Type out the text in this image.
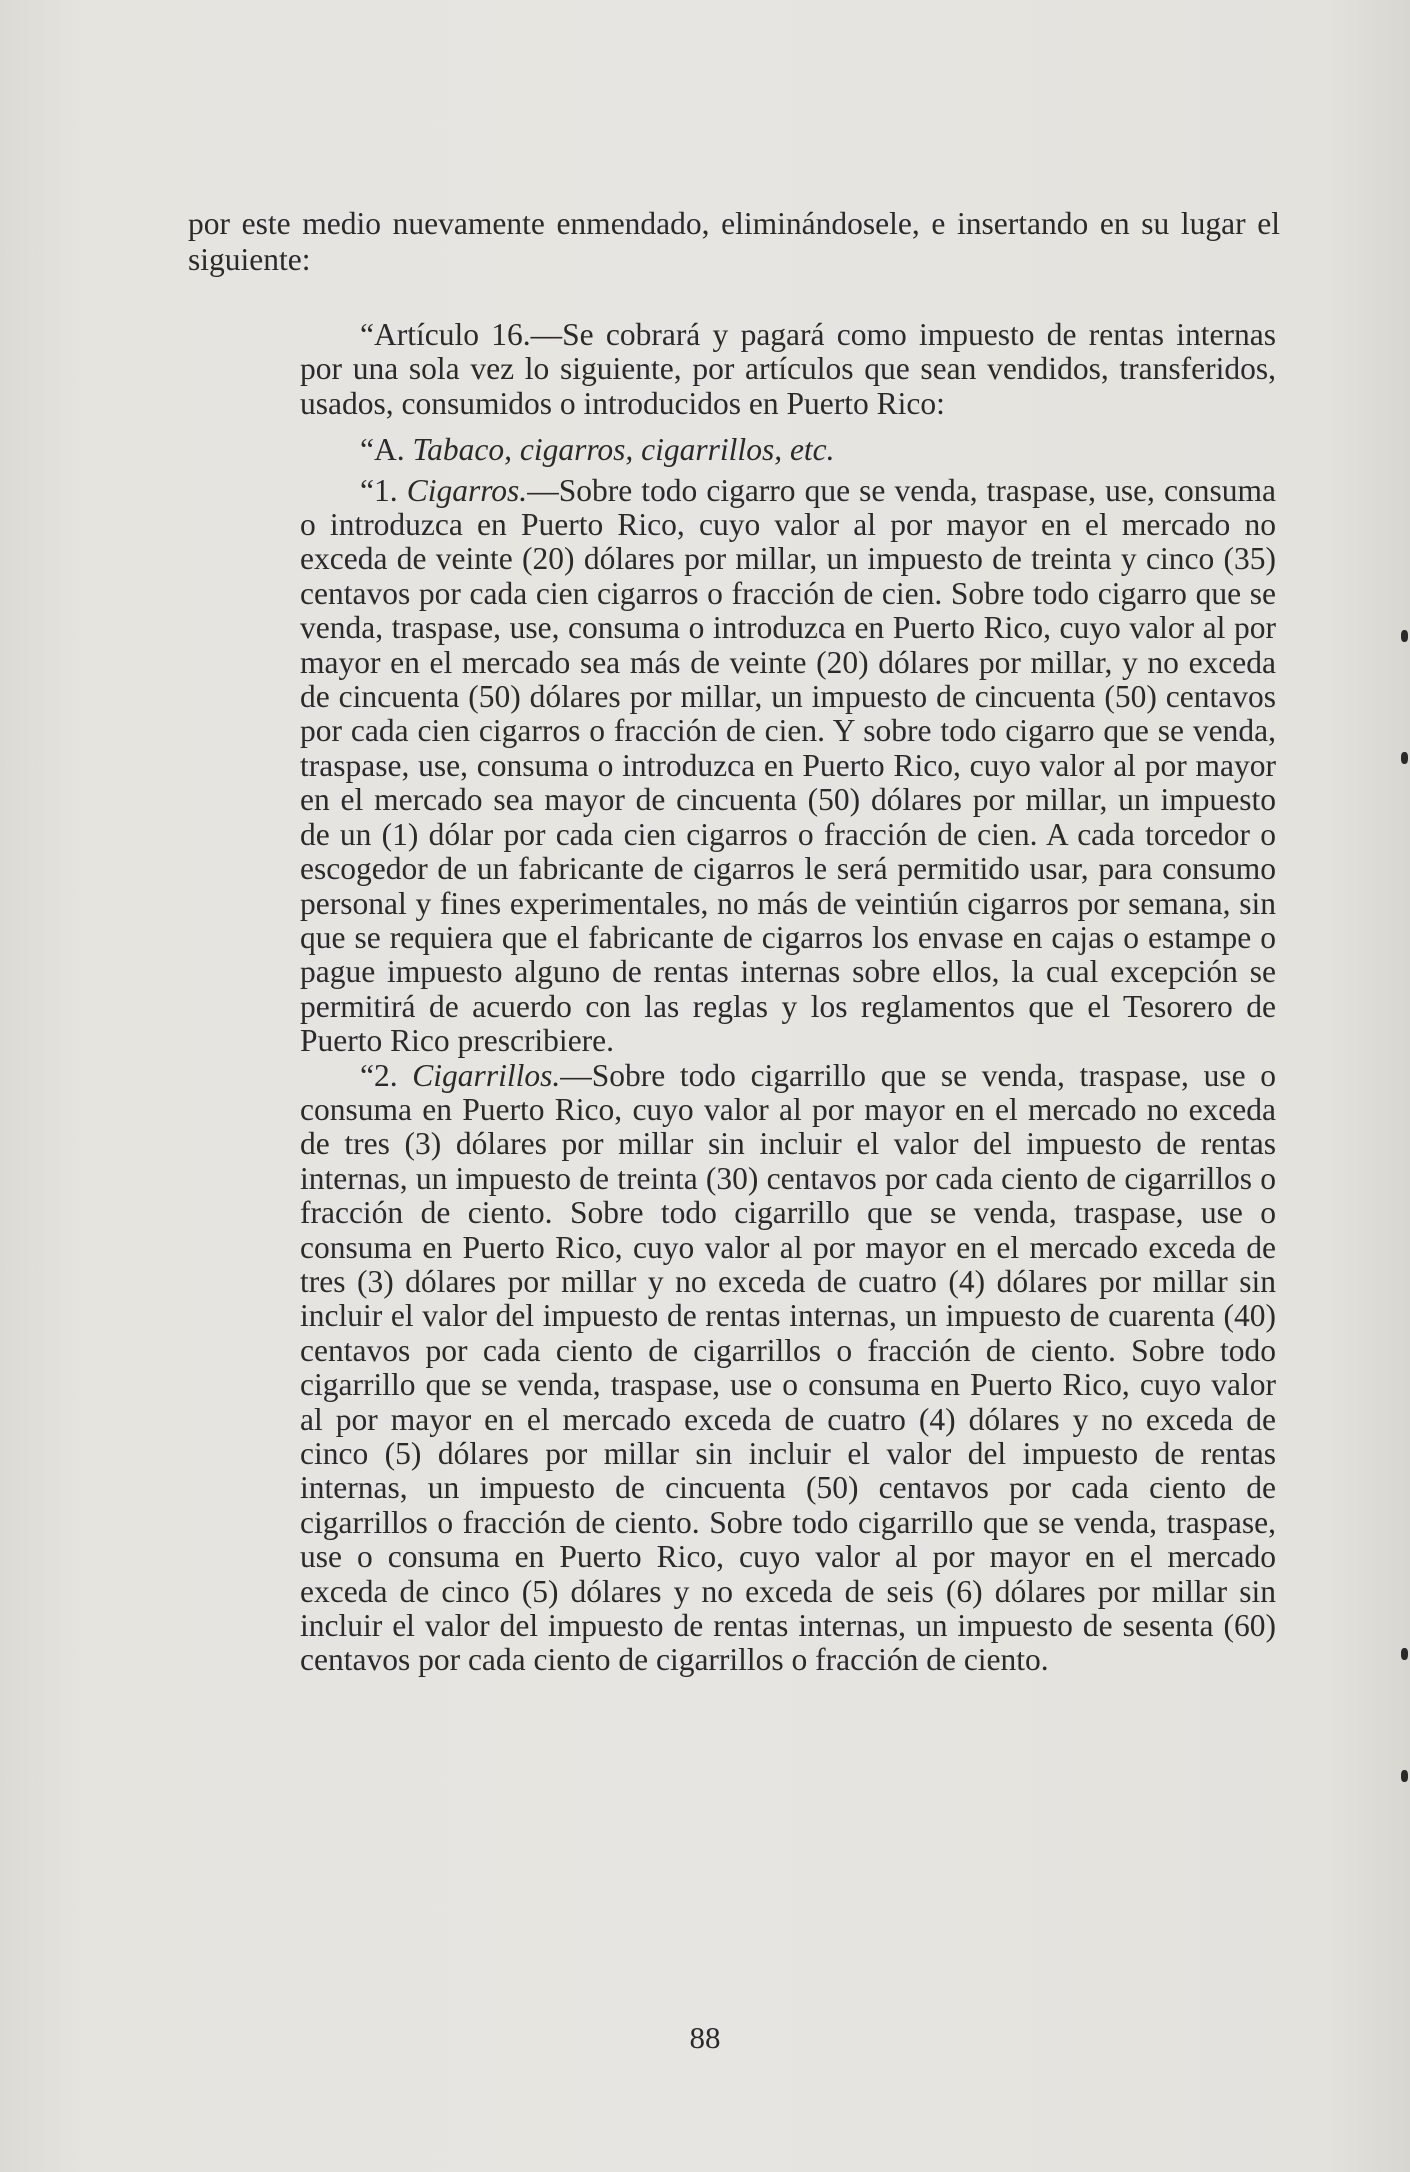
por este medio nuevamente enmendado, eliminándosele, e insertando en su lugar el siguiente:

“Artículo 16.—Se cobrará y pagará como impuesto de rentas internas por una sola vez lo siguiente, por artículos que sean vendidos, transferidos, usados, consumidos o introducidos en Puerto Rico:

“A. Tabaco, cigarros, cigarrillos, etc.

“1. Cigarros.—Sobre todo cigarro que se venda, traspase, use, consuma o introduzca en Puerto Rico, cuyo valor al por mayor en el mercado no exceda de veinte (20) dólares por millar, un impuesto de treinta y cinco (35) centavos por cada cien cigarros o fracción de cien. Sobre todo cigarro que se venda, traspase, use, consuma o introduzca en Puerto Rico, cuyo valor al por mayor en el mercado sea más de veinte (20) dólares por millar, y no exceda de cincuenta (50) dólares por millar, un impuesto de cincuenta (50) centavos por cada cien cigarros o fracción de cien. Y sobre todo cigarro que se venda, traspase, use, consuma o introduzca en Puerto Rico, cuyo valor al por mayor en el mercado sea mayor de cincuenta (50) dólares por millar, un impuesto de un (1) dólar por cada cien cigarros o fracción de cien. A cada torcedor o escogedor de un fabricante de cigarros le será permitido usar, para consumo personal y fines experimentales, no más de veintiún cigarros por semana, sin que se requiera que el fabricante de cigarros los envase en cajas o estampe o pague impuesto alguno de rentas internas sobre ellos, la cual excepción se permitirá de acuerdo con las reglas y los reglamentos que el Tesorero de Puerto Rico prescribiere.

“2. Cigarrillos.—Sobre todo cigarrillo que se venda, traspase, use o consuma en Puerto Rico, cuyo valor al por mayor en el mercado no exceda de tres (3) dólares por millar sin incluir el valor del impuesto de rentas internas, un impuesto de treinta (30) centavos por cada ciento de cigarrillos o fracción de ciento. Sobre todo cigarrillo que se venda, traspase, use o consuma en Puerto Rico, cuyo valor al por mayor en el mercado exceda de tres (3) dólares por millar y no exceda de cuatro (4) dólares por millar sin incluir el valor del impuesto de rentas internas, un impuesto de cuarenta (40) centavos por cada ciento de cigarrillos o fracción de ciento. Sobre todo cigarrillo que se venda, traspase, use o consuma en Puerto Rico, cuyo valor al por mayor en el mercado exceda de cuatro (4) dólares y no exceda de cinco (5) dólares por millar sin incluir el valor del impuesto de rentas internas, un impuesto de cincuenta (50) centavos por cada ciento de cigarrillos o fracción de ciento. Sobre todo cigarrillo que se venda, traspase, use o consuma en Puerto Rico, cuyo valor al por mayor en el mercado exceda de cinco (5) dólares y no exceda de seis (6) dólares por millar sin incluir el valor del impuesto de rentas internas, un impuesto de sesenta (60) centavos por cada ciento de cigarrillos o fracción de ciento.

88
